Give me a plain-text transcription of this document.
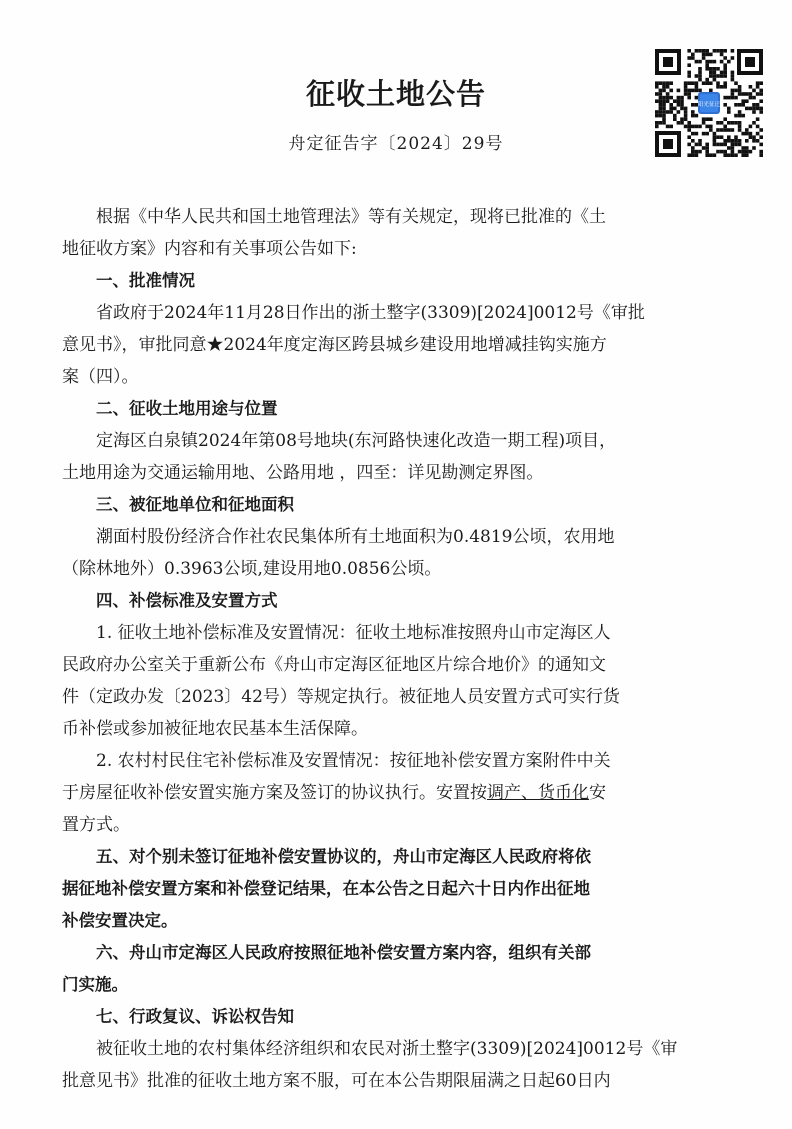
征收土地公告
舟定征告字〔2024〕29号
阳光征迁
根据《中华人民共和国土地管理法》等有关规定，现将已批准的《土
地征收方案》内容和有关事项公告如下:
一、批准情况
省政府于2024年11月28日作出的浙土整字(3309)[2024]0012号《审批
意见书》，审批同意★2024年度定海区跨县城乡建设用地增减挂钩实施方
案（四）。
二、征收土地用途与位置
定海区白泉镇2024年第08号地块(东河路快速化改造一期工程)项目，
土地用途为交通运输用地、公路用地 ，四至：详见勘测定界图。
三、被征地单位和征地面积
潮面村股份经济合作社农民集体所有土地面积为0.4819公顷，农用地
（除林地外）0.3963公顷,建设用地0.0856公顷。
四、补偿标准及安置方式
1. 征收土地补偿标准及安置情况：征收土地标准按照舟山市定海区人
民政府办公室关于重新公布《舟山市定海区征地区片综合地价》的通知文
件（定政办发〔2023〕42号）等规定执行。被征地人员安置方式可实行货
币补偿或参加被征地农民基本生活保障。
2. 农村村民住宅补偿标准及安置情况：按征地补偿安置方案附件中关
于房屋征收补偿安置实施方案及签订的协议执行。安置按调产、货币化安
置方式。
五、对个别未签订征地补偿安置协议的，舟山市定海区人民政府将依
据征地补偿安置方案和补偿登记结果，在本公告之日起六十日内作出征地
补偿安置决定。
六、舟山市定海区人民政府按照征地补偿安置方案内容，组织有关部
门实施。
七、行政复议、诉讼权告知
被征收土地的农村集体经济组织和农民对浙土整字(3309)[2024]0012号《审
批意见书》批准的征收土地方案不服，可在本公告期限届满之日起60日内
